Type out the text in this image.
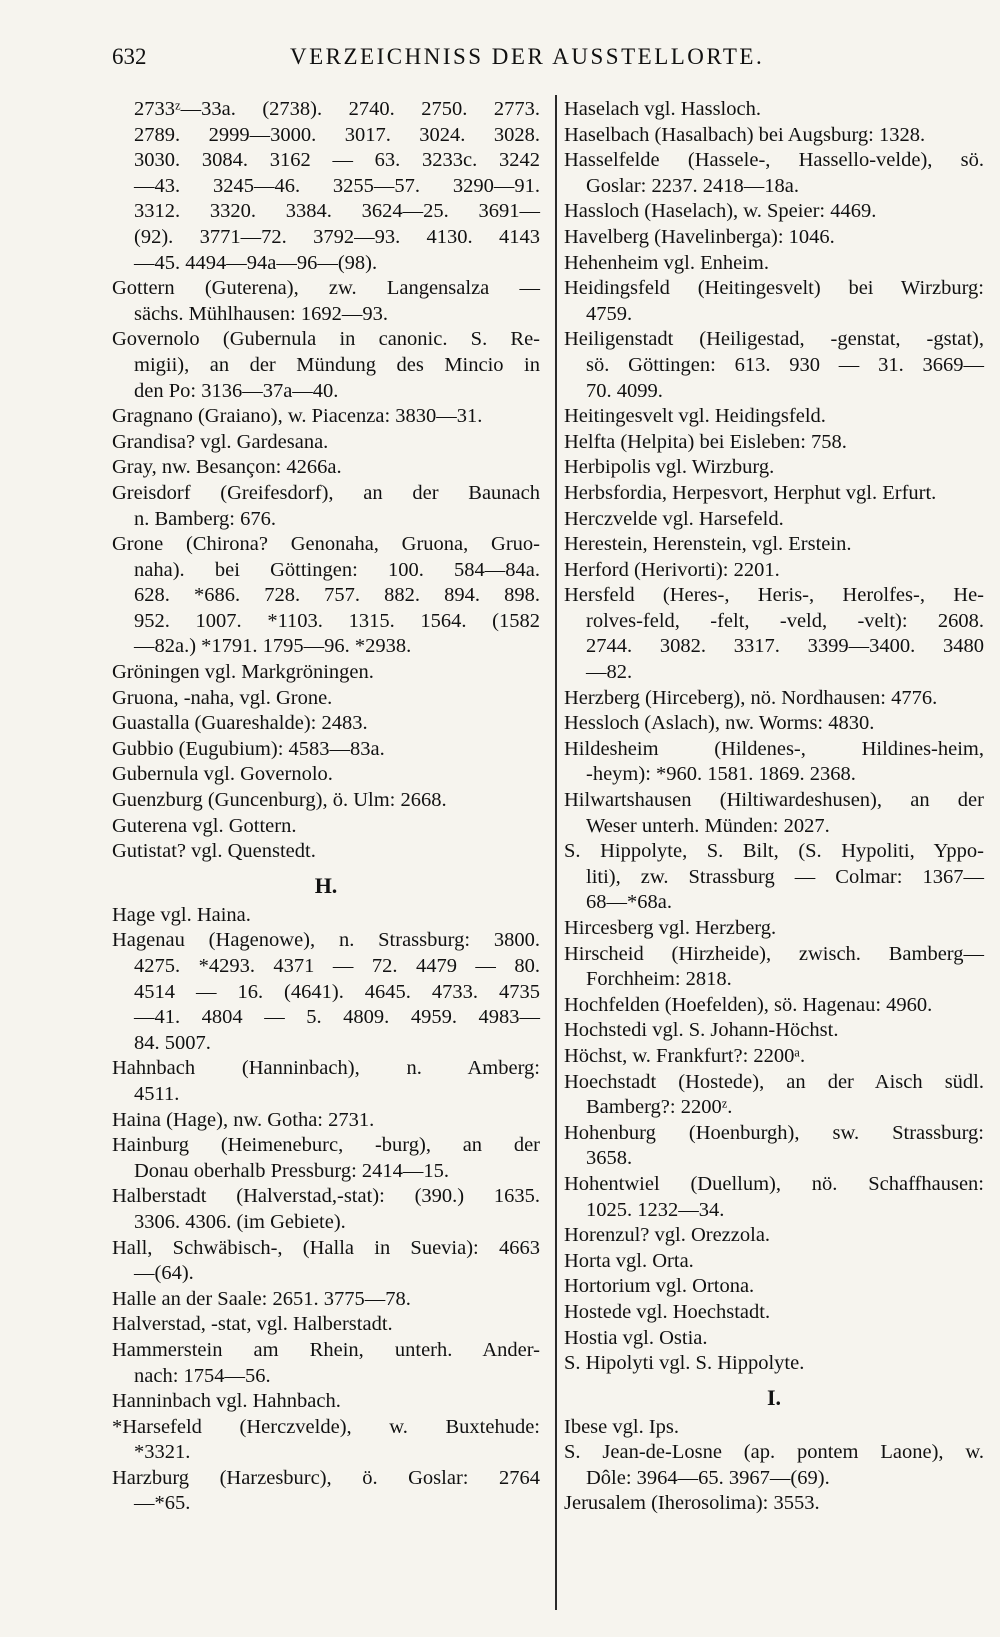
632	VERZEICHNISS DER AUSSTELLORTE.
2733ᶻ—33a. (2738). 2740. 2750. 2773.
2789. 2999—3000. 3017. 3024. 3028.
3030. 3084. 3162 — 63. 3233c. 3242
—43. 3245—46. 3255—57. 3290—91.
3312. 3320. 3384. 3624—25. 3691—
(92). 3771—72. 3792—93. 4130. 4143
—45. 4494—94a—96—(98).
Gottern (Guterena), zw. Langensalza —
sächs. Mühlhausen: 1692—93.
Governolo (Gubernula in canonic. S. Re-
migii), an der Mündung des Mincio in
den Po: 3136—37a—40.
Gragnano (Graiano), w. Piacenza: 3830—31.
Grandisa? vgl. Gardesana.
Gray, nw. Besançon: 4266a.
Greisdorf (Greifesdorf), an der Baunach
n. Bamberg: 676.
Grone (Chirona? Genonaha, Gruona, Gruo-
naha). bei Göttingen: 100. 584—84a.
628. *686. 728. 757. 882. 894. 898.
952. 1007. *1103. 1315. 1564. (1582
—82a.) *1791. 1795—96. *2938.
Gröningen vgl. Markgröningen.
Gruona, -naha, vgl. Grone.
Guastalla (Guareshalde): 2483.
Gubbio (Eugubium): 4583—83a.
Gubernula vgl. Governolo.
Guenzburg (Guncenburg), ö. Ulm: 2668.
Guterena vgl. Gottern.
Gutistat? vgl. Quenstedt.
H.
Hage vgl. Haina.
Hagenau (Hagenowe), n. Strassburg: 3800.
4275. *4293. 4371 — 72. 4479 — 80.
4514 — 16. (4641). 4645. 4733. 4735
—41. 4804 — 5. 4809. 4959. 4983—
84. 5007.
Hahnbach (Hanninbach), n. Amberg:
4511.
Haina (Hage), nw. Gotha: 2731.
Hainburg (Heimeneburc, -burg), an der
Donau oberhalb Pressburg: 2414—15.
Halberstadt (Halverstad,-stat): (390.) 1635.
3306. 4306. (im Gebiete).
Hall, Schwäbisch-, (Halla in Suevia): 4663
—(64).
Halle an der Saale: 2651. 3775—78.
Halverstad, -stat, vgl. Halberstadt.
Hammerstein am Rhein, unterh. Ander-
nach: 1754—56.
Hanninbach vgl. Hahnbach.
*Harsefeld (Herczvelde), w. Buxtehude:
*3321.
Harzburg (Harzesburc), ö. Goslar: 2764
—*65.
Haselach vgl. Hassloch.
Haselbach (Hasalbach) bei Augsburg: 1328.
Hasselfelde (Hassele-, Hassello-velde), sö.
Goslar: 2237. 2418—18a.
Hassloch (Haselach), w. Speier: 4469.
Havelberg (Havelinberga): 1046.
Hehenheim vgl. Enheim.
Heidingsfeld (Heitingesvelt) bei Wirzburg:
4759.
Heiligenstadt (Heiligestad, -genstat, -gstat),
sö. Göttingen: 613. 930 — 31. 3669—
70. 4099.
Heitingesvelt vgl. Heidingsfeld.
Helfta (Helpita) bei Eisleben: 758.
Herbipolis vgl. Wirzburg.
Herbsfordia, Herpesvort, Herphut vgl. Erfurt.
Herczvelde vgl. Harsefeld.
Herestein, Herenstein, vgl. Erstein.
Herford (Herivorti): 2201.
Hersfeld (Heres-, Heris-, Herolfes-, He-
rolves-feld, -felt, -veld, -velt): 2608.
2744. 3082. 3317. 3399—3400. 3480
—82.
Herzberg (Hirceberg), nö. Nordhausen: 4776.
Hessloch (Aslach), nw. Worms: 4830.
Hildesheim (Hildenes-, Hildines-heim,
-heym): *960. 1581. 1869. 2368.
Hilwartshausen (Hiltiwardeshusen), an der
Weser unterh. Münden: 2027.
S. Hippolyte, S. Bilt, (S. Hypoliti, Yppo-
liti), zw. Strassburg — Colmar: 1367—
68—*68a.
Hircesberg vgl. Herzberg.
Hirscheid (Hirzheide), zwisch. Bamberg—
Forchheim: 2818.
Hochfelden (Hoefelden), sö. Hagenau: 4960.
Hochstedi vgl. S. Johann-Höchst.
Höchst, w. Frankfurt?: 2200ᵃ.
Hoechstadt (Hostede), an der Aisch südl.
Bamberg?: 2200ᶻ.
Hohenburg (Hoenburgh), sw. Strassburg:
3658.
Hohentwiel (Duellum), nö. Schaffhausen:
1025. 1232—34.
Horenzul? vgl. Orezzola.
Horta vgl. Orta.
Hortorium vgl. Ortona.
Hostede vgl. Hoechstadt.
Hostia vgl. Ostia.
S. Hipolyti vgl. S. Hippolyte.
I.
Ibese vgl. Ips.
S. Jean-de-Losne (ap. pontem Laone), w.
Dôle: 3964—65. 3967—(69).
Jerusalem (Iherosolima): 3553.
